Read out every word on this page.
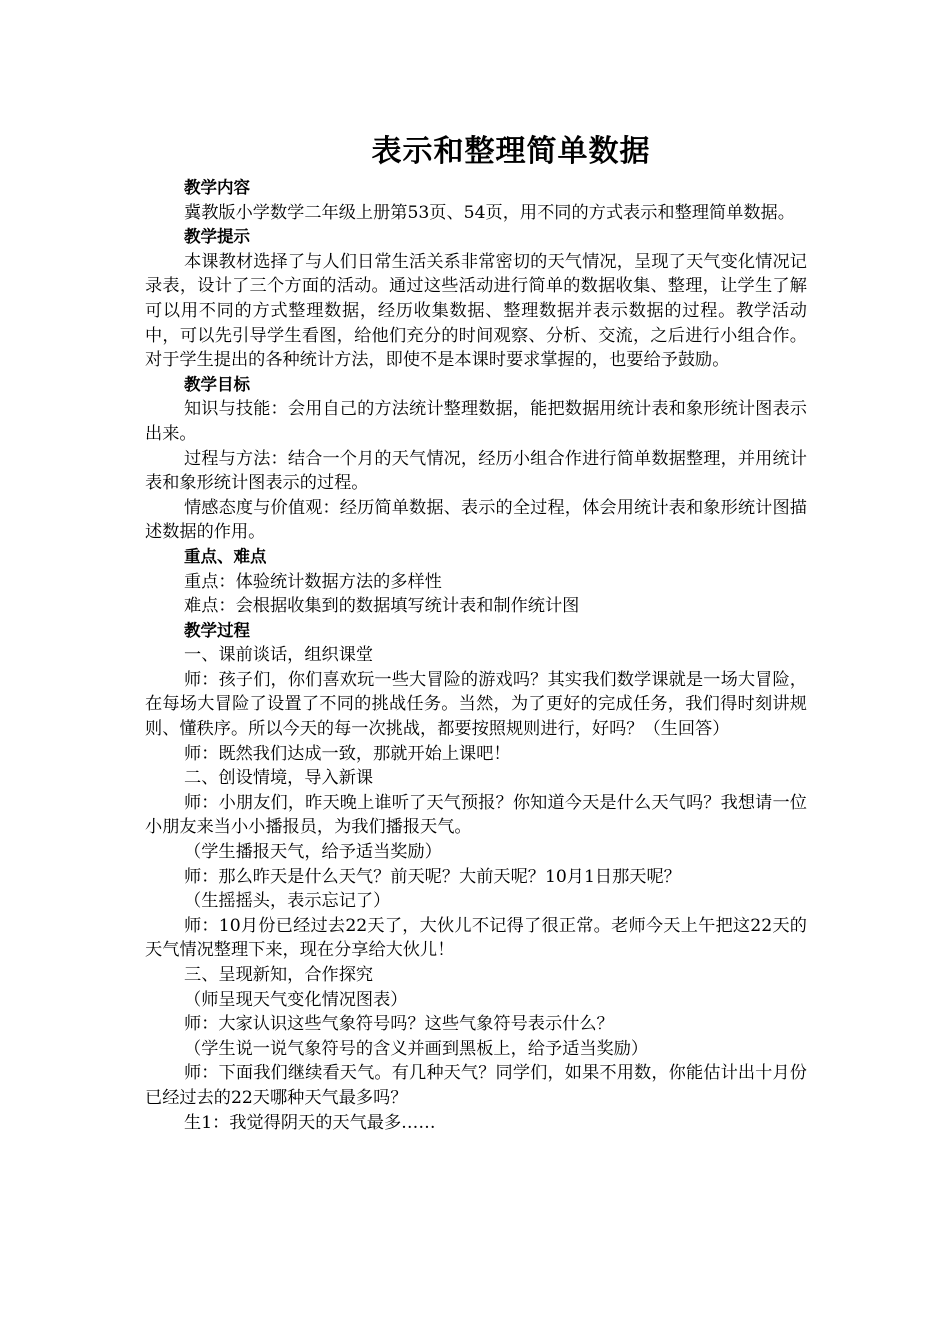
表示和整理简单数据
教学内容

冀教版小学数学二年级上册第53页、54页，用不同的方式表示和整理简单数据。

教学提示

本课教材选择了与人们日常生活关系非常密切的天气情况，呈现了天气变化情况记录表，设计了三个方面的活动。通过这些活动进行简单的数据收集、整理，让学生了解可以用不同的方式整理数据，经历收集数据、整理数据并表示数据的过程。教学活动中，可以先引导学生看图，给他们充分的时间观察、分析、交流，之后进行小组合作。对于学生提出的各种统计方法，即使不是本课时要求掌握的，也要给予鼓励。

教学目标

知识与技能：会用自己的方法统计整理数据，能把数据用统计表和象形统计图表示出来。

过程与方法：结合一个月的天气情况，经历小组合作进行简单数据整理，并用统计表和象形统计图表示的过程。

情感态度与价值观：经历简单数据、表示的全过程，体会用统计表和象形统计图描述数据的作用。

重点、难点

重点：体验统计数据方法的多样性

难点：会根据收集到的数据填写统计表和制作统计图

教学过程

一、课前谈话，组织课堂

师：孩子们，你们喜欢玩一些大冒险的游戏吗？其实我们数学课就是一场大冒险，在每场大冒险了设置了不同的挑战任务。当然，为了更好的完成任务，我们得时刻讲规则、懂秩序。所以今天的每一次挑战，都要按照规则进行，好吗？（生回答）

师：既然我们达成一致，那就开始上课吧！

二、创设情境，导入新课

师：小朋友们，昨天晚上谁听了天气预报？你知道今天是什么天气吗？我想请一位小朋友来当小小播报员，为我们播报天气。

（学生播报天气，给予适当奖励）

师：那么昨天是什么天气？前天呢？大前天呢？10月1日那天呢？

（生摇摇头，表示忘记了）

师：10月份已经过去22天了，大伙儿不记得了很正常。老师今天上午把这22天的天气情况整理下来，现在分享给大伙儿！

三、呈现新知，合作探究

（师呈现天气变化情况图表）

师：大家认识这些气象符号吗？这些气象符号表示什么？

（学生说一说气象符号的含义并画到黑板上，给予适当奖励）

师：下面我们继续看天气。有几种天气？同学们，如果不用数，你能估计出十月份已经过去的22天哪种天气最多吗？

生1：我觉得阴天的天气最多……
